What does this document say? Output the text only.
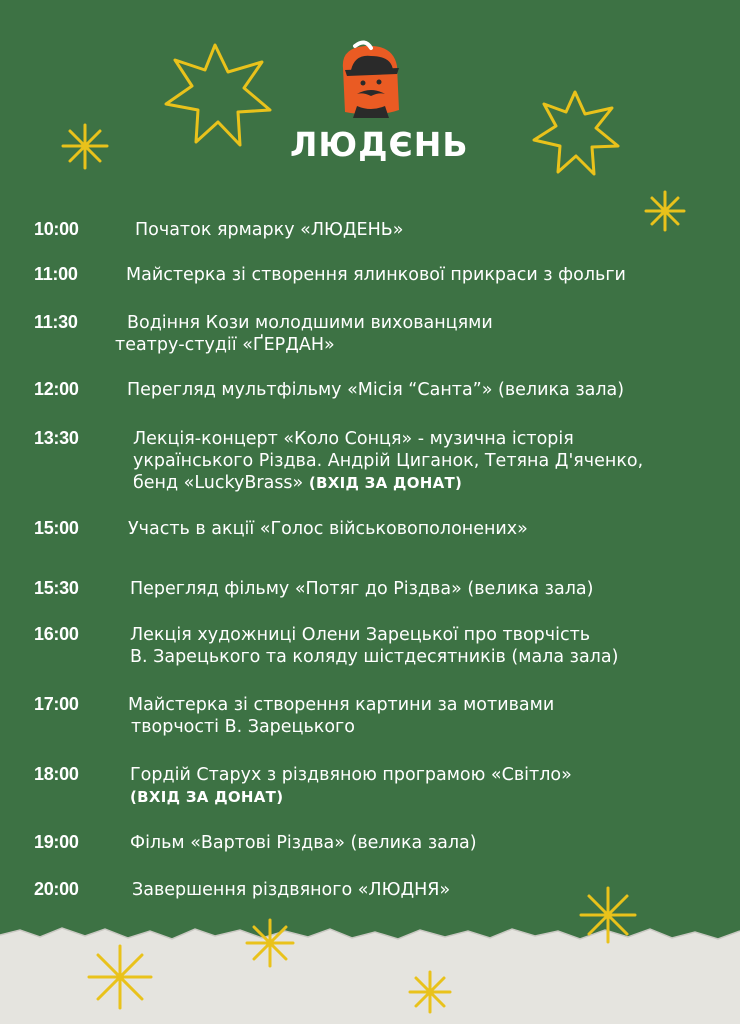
ЛЮДЄНЬ
10:00	Початок ярмарку «ЛЮДЕНЬ»
11:00	Майстерка зі створення ялинкової прикраси з фольги
11:30	Водіння Кози молодшими вихованцями
театру-студії «ҐЕРДАН»
12:00	Перегляд мультфільму «Місія “Санта”» (велика зала)
13:30	Лекція-концерт «Коло Сонця» - музична історія
українського Різдва. Андрій Циганок, Тетяна Д'яченко,
бенд «LuckyBrass» (ВХІД ЗА ДОНАТ)
15:00	Участь в акції «Голос військовополонених»
15:30	Перегляд фільму «Потяг до Різдва» (велика зала)
16:00	Лекція художниці Олени Зарецької про творчість
В. Зарецького та коляду шістдесятників (мала зала)
17:00	Майстерка зі створення картини за мотивами
творчості В. Зарецького
18:00	Гордій Старух з різдвяною програмою «Світло»
(ВХІД ЗА ДОНАТ)
19:00	Фільм «Вартові Різдва» (велика зала)
20:00	Завершення різдвяного «ЛЮДНЯ»
